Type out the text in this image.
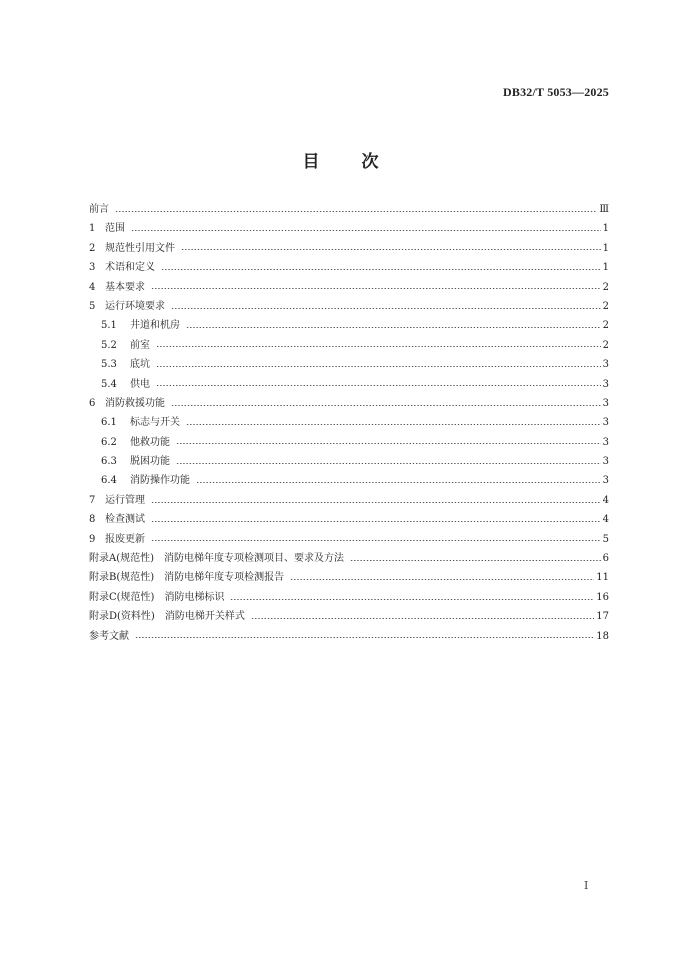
DB32/T 5053—2025
目次
前言	Ⅲ
1 范围	1
2 规范性引用文件	1
3 术语和定义	1
4 基本要求	2
5 运行环境要求	2
5.1	井道和机房	2
5.2	前室	2
5.3	底坑	3
5.4	供电	3
6 消防救援功能	3
6.1	标志与开关	3
6.2	他救功能	3
6.3	脱困功能	3
6.4	消防操作功能	3
7 运行管理	4
8 检查测试	4
9 报废更新	5
附录A(规范性)　消防电梯年度专项检测项目、要求及方法	6
附录B(规范性)　消防电梯年度专项检测报告	11
附录C(规范性)　消防电梯标识	16
附录D(资料性)　消防电梯开关样式	17
参考文献	18
Ⅰ
